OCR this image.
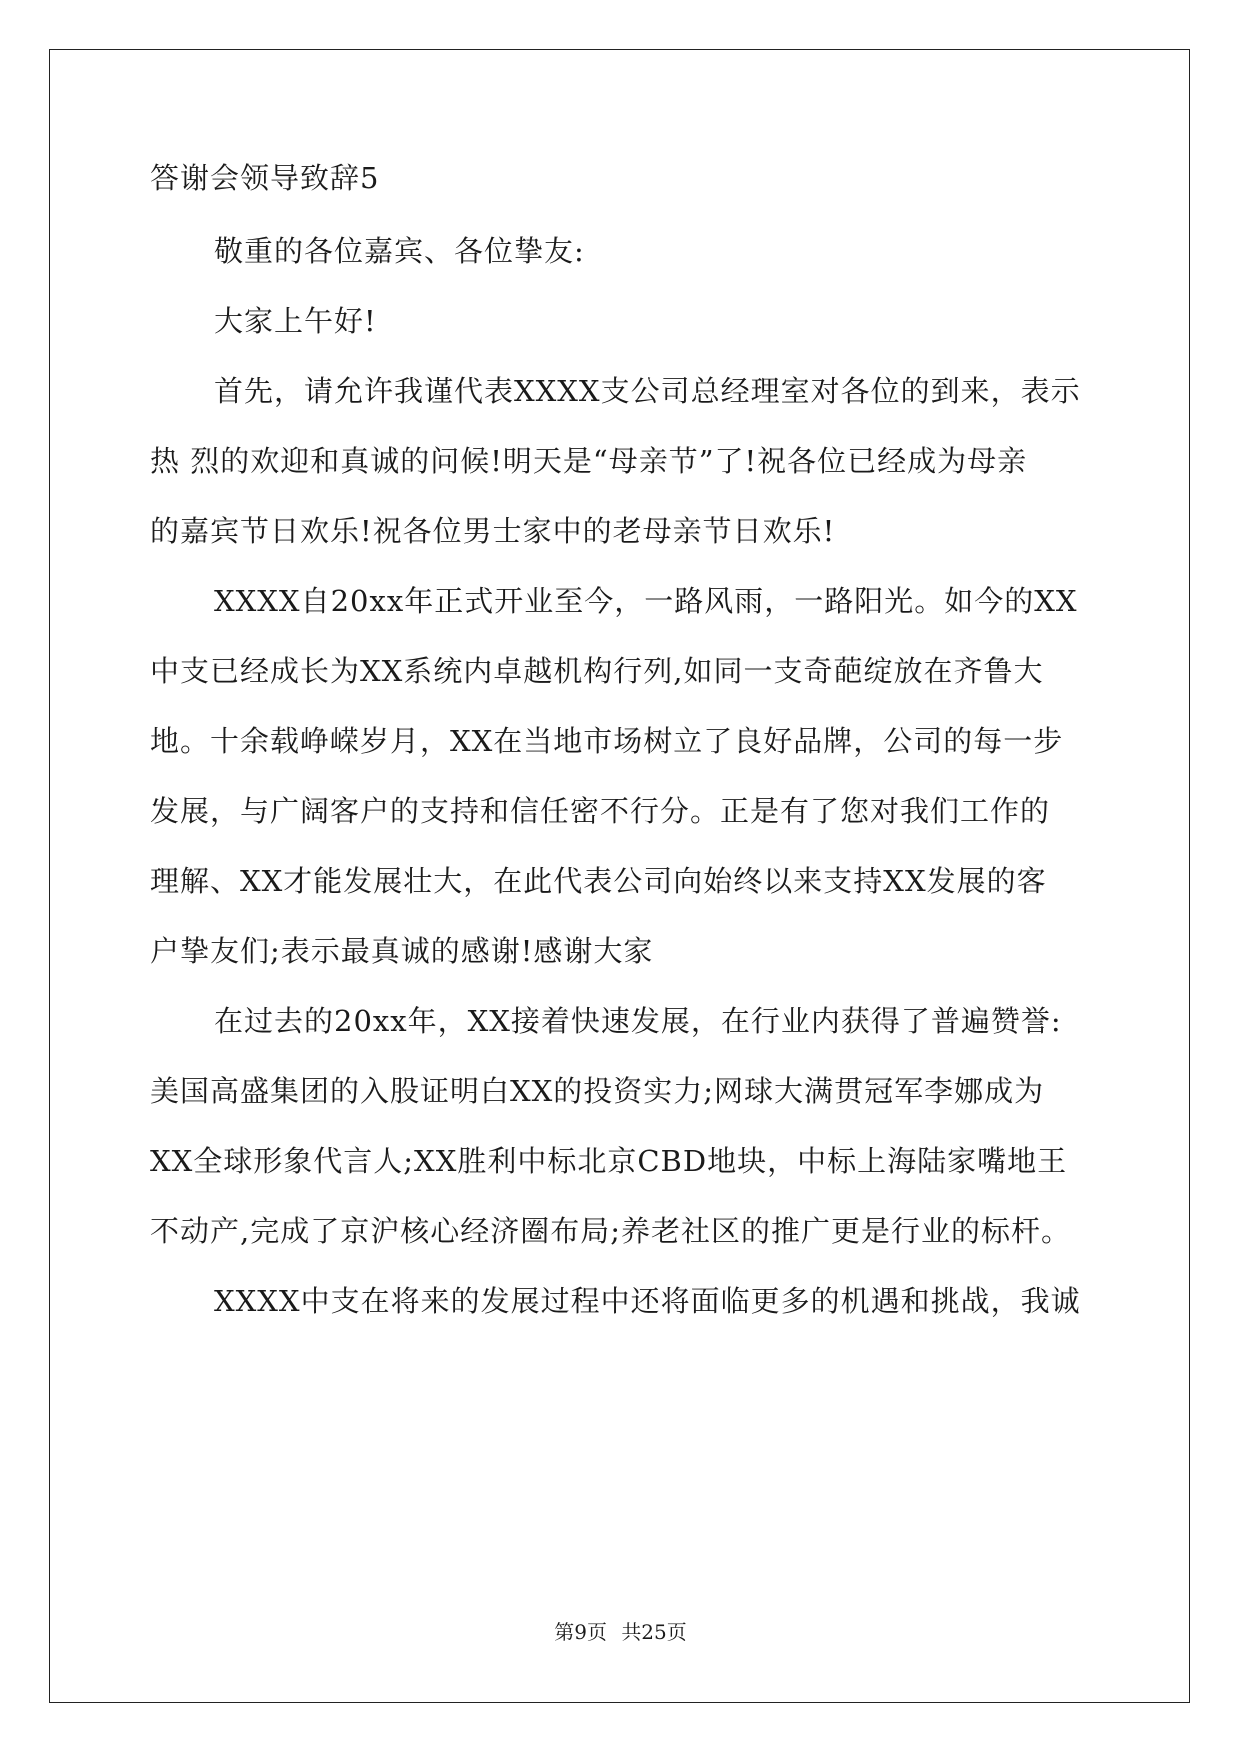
答谢会领导致辞5
敬重的各位嘉宾、各位挚友:
大家上午好!
首先，请允许我谨代表XXXX支公司总经理室对各位的到来，表示
热 烈的欢迎和真诚的问候!明天是“母亲节”了!祝各位已经成为母亲
的嘉宾节日欢乐!祝各位男士家中的老母亲节日欢乐!
XXXX自20xx年正式开业至今，一路风雨，一路阳光。如今的XX
中支已经成长为XX系统内卓越机构行列,如同一支奇葩绽放在齐鲁大
地。十余载峥嵘岁月，XX在当地市场树立了良好品牌，公司的每一步
发展，与广阔客户的支持和信任密不行分。正是有了您对我们工作的
理解、XX才能发展壮大，在此代表公司向始终以来支持XX发展的客
户挚友们;表示最真诚的感谢!感谢大家
在过去的20xx年，XX接着快速发展，在行业内获得了普遍赞誉:
美国高盛集团的入股证明白XX的投资实力;网球大满贯冠军李娜成为
XX全球形象代言人;XX胜利中标北京CBD地块，中标上海陆家嘴地王
不动产,完成了京沪核心经济圈布局;养老社区的推广更是行业的标杆。
XXXX中支在将来的发展过程中还将面临更多的机遇和挑战，我诚
第9页 共25页
